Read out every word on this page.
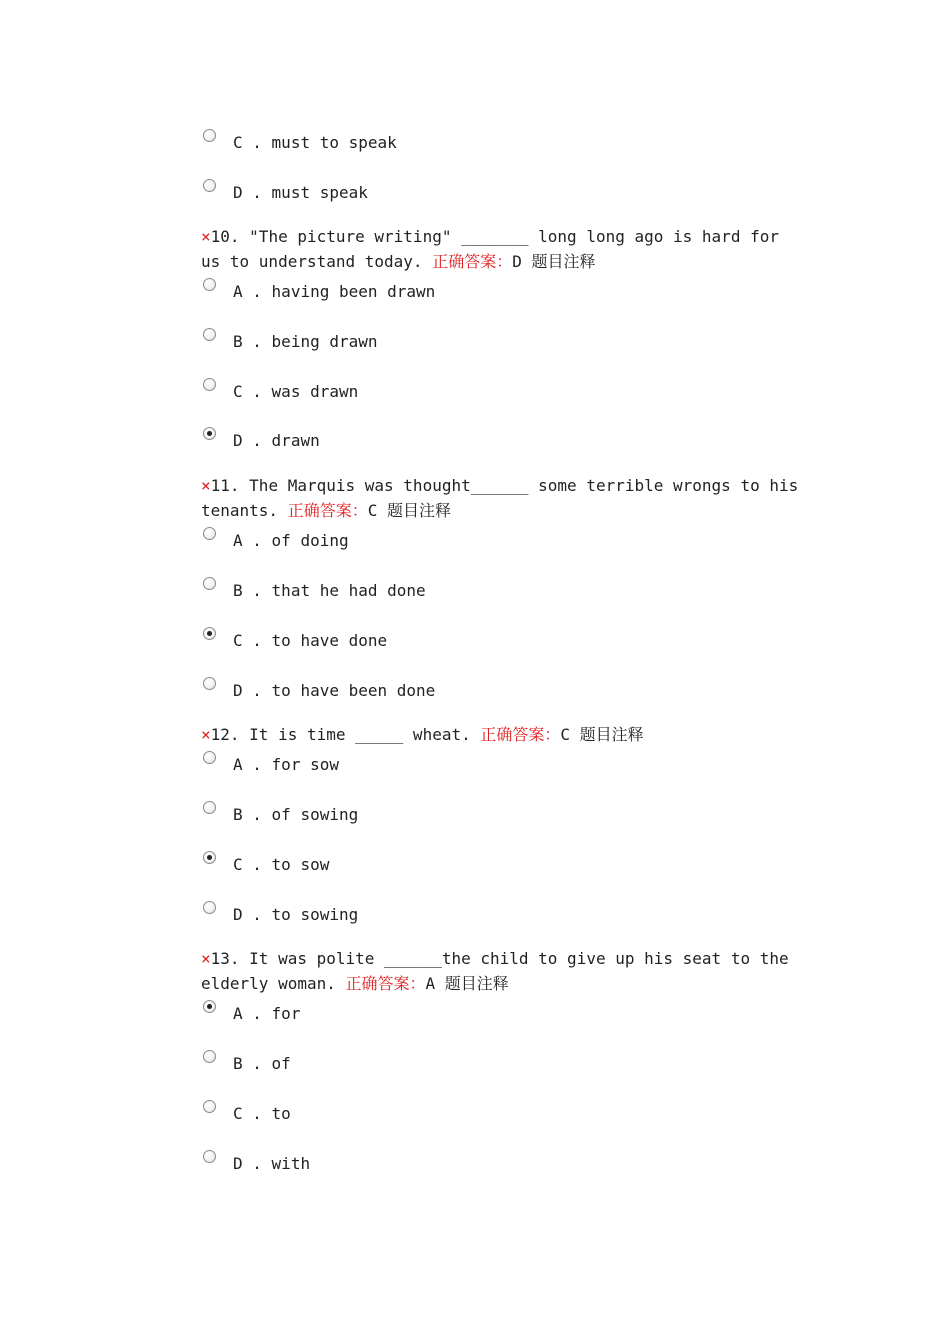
C . must to speak
D . must speak
×10. "The picture writing" _______ long long ago is hard for
us to understand today. 正确答案：D 题目注释
A . having been drawn
B . being drawn
C . was drawn
D . drawn
×11. The Marquis was thought______ some terrible wrongs to his
tenants. 正确答案：C 题目注释
A . of doing
B . that he had done
C . to have done
D . to have been done
×12. It is time _____ wheat. 正确答案：C 题目注释
A . for sow
B . of sowing
C . to sow
D . to sowing
×13. It was polite ______the child to give up his seat to the
elderly woman. 正确答案：A 题目注释
A . for
B . of
C . to
D . with
